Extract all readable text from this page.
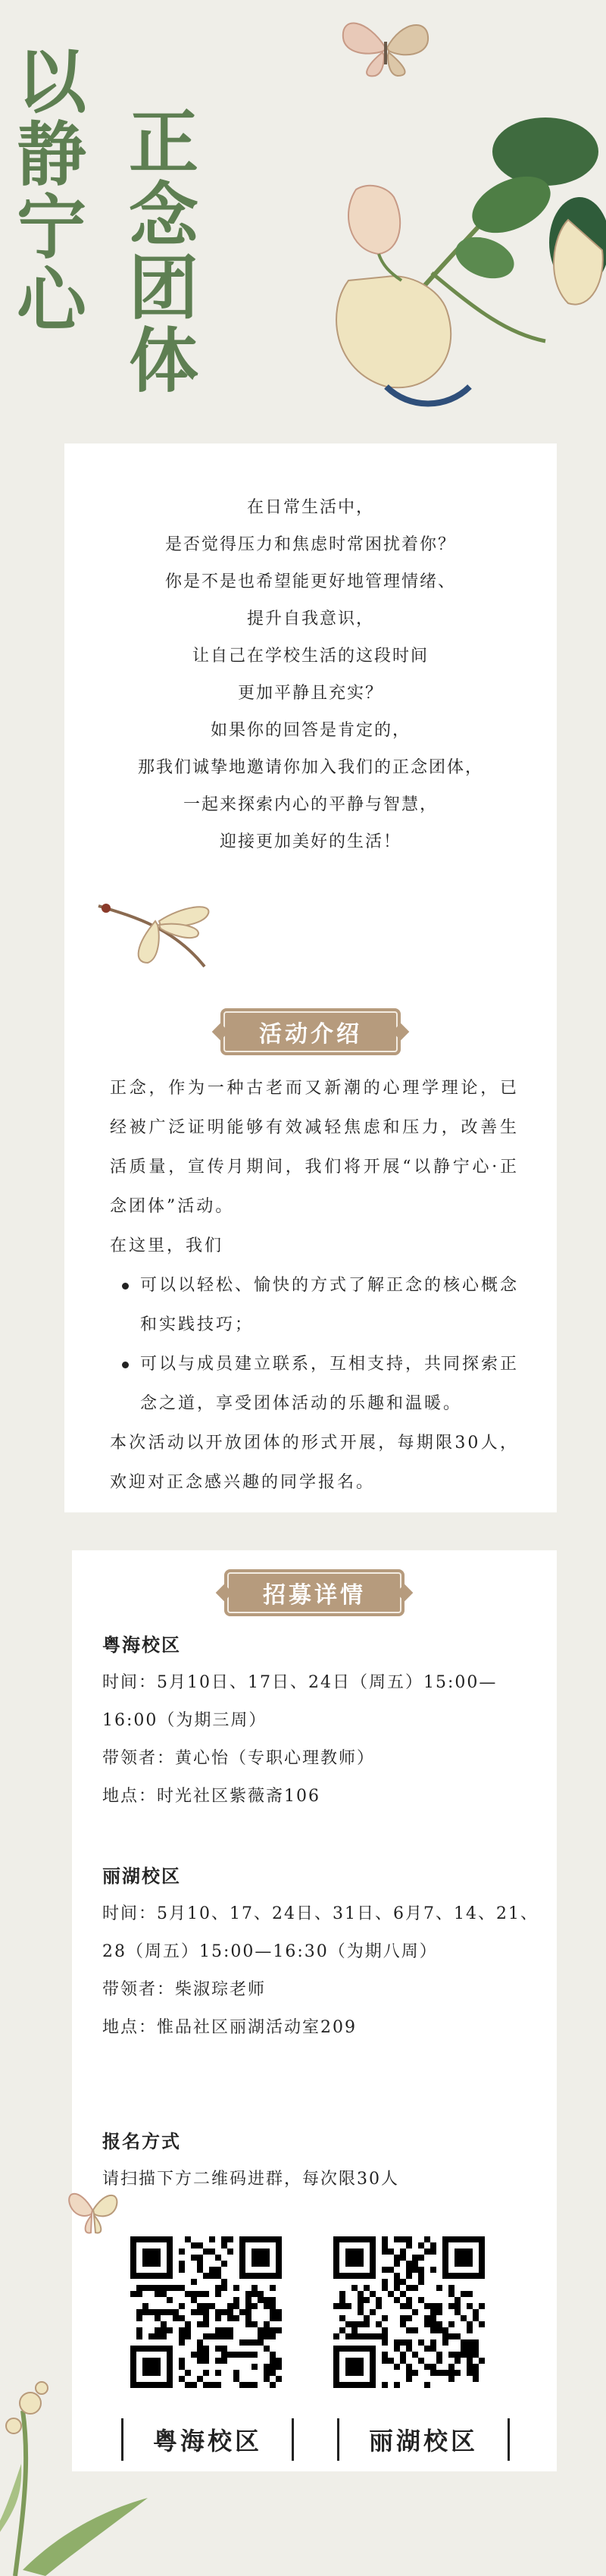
以
静
宁
心
正
念
团
体
在日常生活中，
是否觉得压力和焦虑时常困扰着你？
你是不是也希望能更好地管理情绪、
提升自我意识，
让自己在学校生活的这段时间
更加平静且充实？
如果你的回答是肯定的，
那我们诚挚地邀请你加入我们的正念团体，
一起来探索内心的平静与智慧，
迎接更加美好的生活！
活动介绍
正念，作为一种古老而又新潮的心理学理论，已经被广泛证明能够有效减轻焦虑和压力，改善生活质量，宣传月期间，我们将开展“以静宁心·正念团体”活动。
在这里，我们
可以以轻松、愉快的方式了解正念的核心概念和实践技巧；
可以与成员建立联系，互相支持，共同探索正念之道，享受团体活动的乐趣和温暖。
本次活动以开放团体的形式开展，每期限30人，欢迎对正念感兴趣的同学报名。
招募详情
粤海校区
时间：5月10日、17日、24日（周五）15:00—16:00（为期三周）
带领者：黄心怡（专职心理教师）
地点：时光社区紫薇斋106
丽湖校区
时间：5月10、17、24日、31日、6月7、14、21、28（周五）15:00—16:30（为期八周）
带领者：柴淑琮老师
地点：惟品社区丽湖活动室209
报名方式
请扫描下方二维码进群，每次限30人
粤海校区	丽湖校区
